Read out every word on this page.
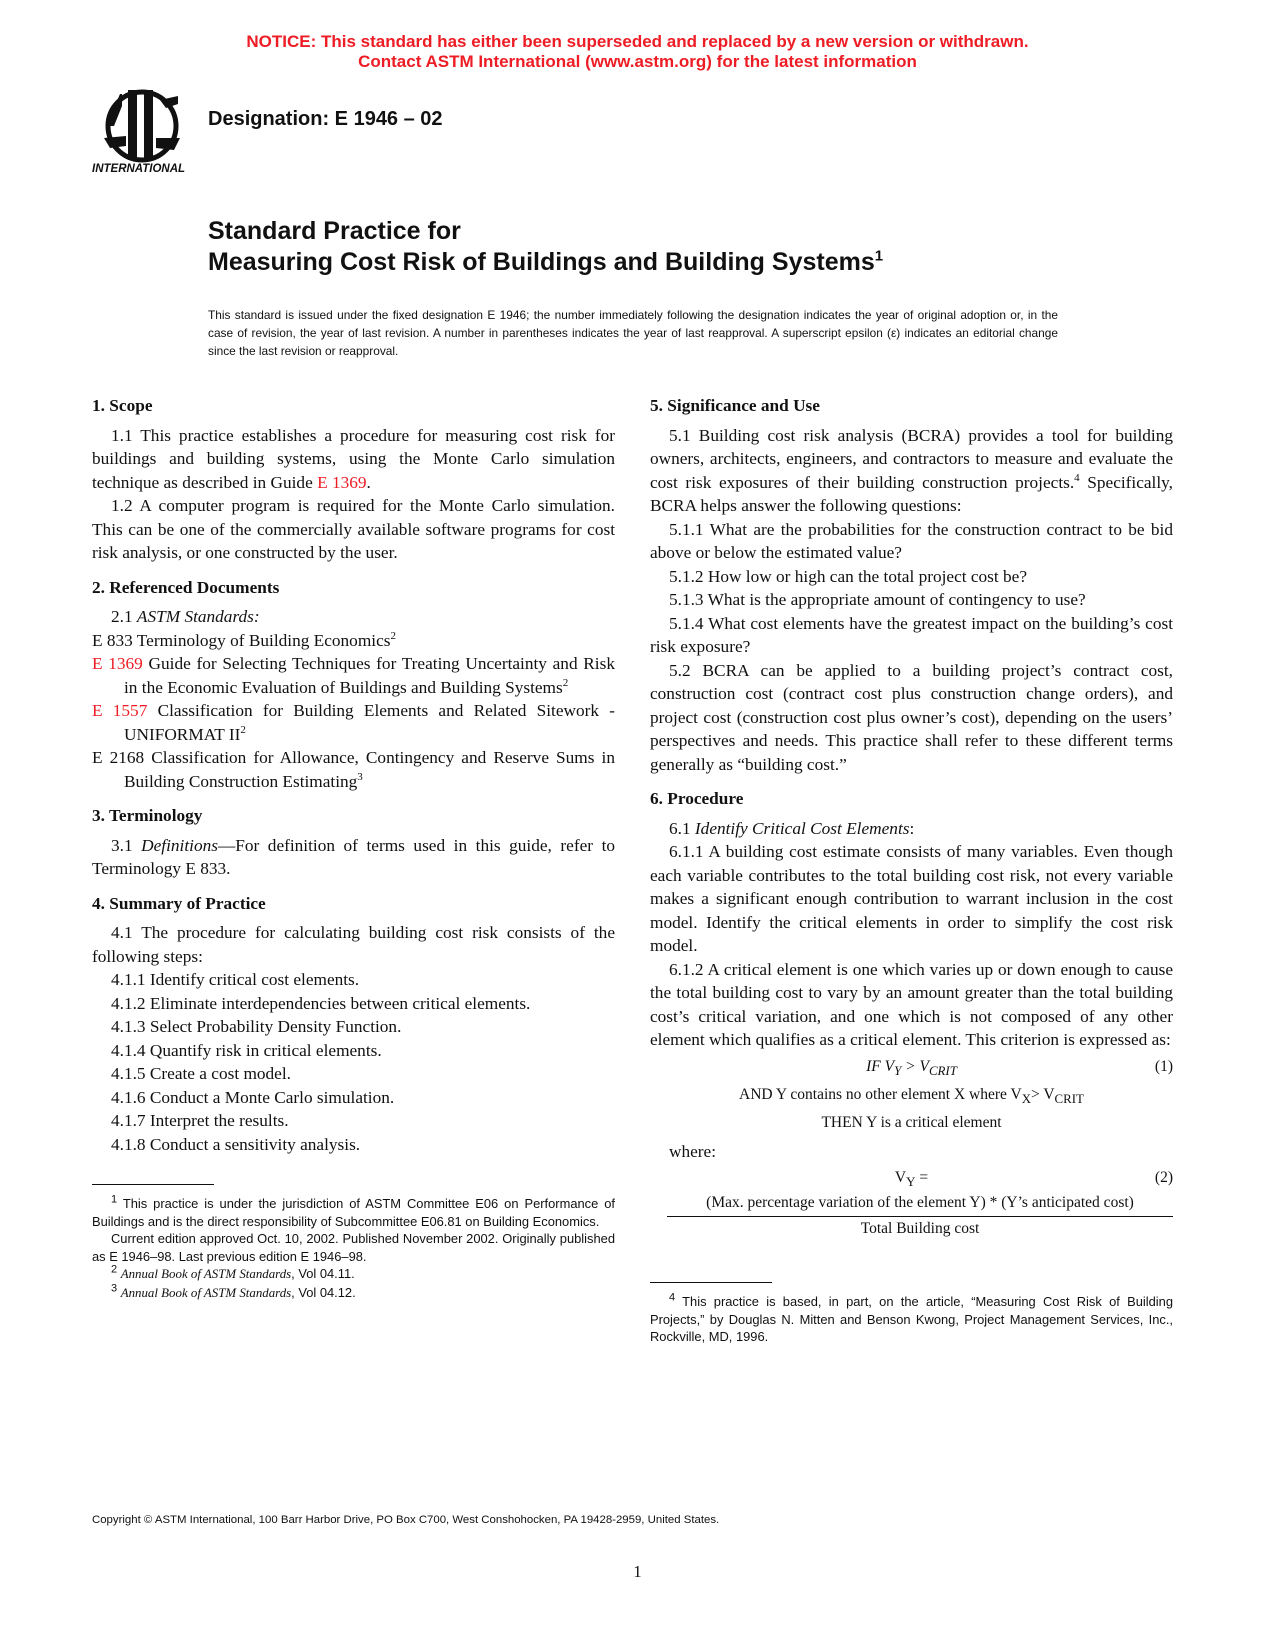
NOTICE: This standard has either been superseded and replaced by a new version or withdrawn.
Contact ASTM International (www.astm.org) for the latest information
INTERNATIONAL
Designation: E 1946 – 02
Standard Practice for
Measuring Cost Risk of Buildings and Building Systems$^1$
This standard is issued under the fixed designation E 1946; the number immediately following the designation indicates the year of original adoption or, in the case of revision, the year of last revision. A number in parentheses indicates the year of last reapproval. A superscript epsilon (ε) indicates an editorial change since the last revision or reapproval.
1. Scope

1.1 This practice establishes a procedure for measuring cost risk for buildings and building systems, using the Monte Carlo simulation technique as described in Guide E 1369.

1.2 A computer program is required for the Monte Carlo simulation. This can be one of the commercially available software programs for cost risk analysis, or one constructed by the user.

2. Referenced Documents

2.1 ASTM Standards:

E 833 Terminology of Building Economics$^2$

E 1369 Guide for Selecting Techniques for Treating Uncertainty and Risk in the Economic Evaluation of Buildings and Building Systems$^2$

E 1557 Classification for Building Elements and Related Sitework - UNIFORMAT $II^2$

E 2168 Classification for Allowance, Contingency and Reserve Sums in Building Construction Estimating$^3$

3. Terminology

3.1 Definitions—For definition of terms used in this guide, refer to Terminology E 833.

4. Summary of Practice

4.1 The procedure for calculating building cost risk consists of the following steps:

4.1.1 Identify critical cost elements.

4.1.2 Eliminate interdependencies between critical elements.

4.1.3 Select Probability Density Function.

4.1.4 Quantify risk in critical elements.

4.1.5 Create a cost model.

4.1.6 Conduct a Monte Carlo simulation.

4.1.7 Interpret the results.

4.1.8 Conduct a sensitivity analysis.

$^1$ This practice is under the jurisdiction of ASTM Committee E06 on Performance of Buildings and is the direct responsibility of Subcommittee E06.81 on Building Economics.

Current edition approved Oct. 10, 2002. Published November 2002. Originally published as E 1946–98. Last previous edition E 1946–98.

$^2$ Annual Book of ASTM Standards, Vol 04.11.

$^3$ Annual Book of ASTM Standards, Vol 04.12.

5. Significance and Use

5.1 Building cost risk analysis (BCRA) provides a tool for building owners, architects, engineers, and contractors to measure and evaluate the cost risk exposures of their building construction projects.$^4$ Specifically, BCRA helps answer the following questions:

5.1.1 What are the probabilities for the construction contract to be bid above or below the estimated value?

5.1.2 How low or high can the total project cost be?

5.1.3 What is the appropriate amount of contingency to use?

5.1.4 What cost elements have the greatest impact on the building’s cost risk exposure?

5.2 BCRA can be applied to a building project’s contract cost, construction cost (contract cost plus construction change orders), and project cost (construction cost plus owner’s cost), depending on the users’ perspectives and needs. This practice shall refer to these different terms generally as “building cost.”

6. Procedure

6.1 Identify Critical Cost Elements:

6.1.1 A building cost estimate consists of many variables. Even though each variable contributes to the total building cost risk, not every variable makes a significant enough contribution to warrant inclusion in the cost model. Identify the critical elements in order to simplify the cost risk model.

6.1.2 A critical element is one which varies up or down enough to cause the total building cost to vary by an amount greater than the total building cost’s critical variation, and one which is not composed of any other element which qualifies as a critical element. This criterion is expressed as:

IF $V_Y > V_{CRIT}$	(1)
AND Y contains no other element X where $V_X> V_{CRIT}$
THEN Y is a critical element

where:

$V_Y$ =	(2)
(Max. percentage variation of the element Y) * (Y’s anticipated cost)
Total Building cost

$^4$ This practice is based, in part, on the article, “Measuring Cost Risk of Building Projects,” by Douglas N. Mitten and Benson Kwong, Project Management Services, Inc., Rockville, MD, 1996.

Copyright © ASTM International, 100 Barr Harbor Drive, PO Box C700, West Conshohocken, PA 19428-2959, United States.
1
